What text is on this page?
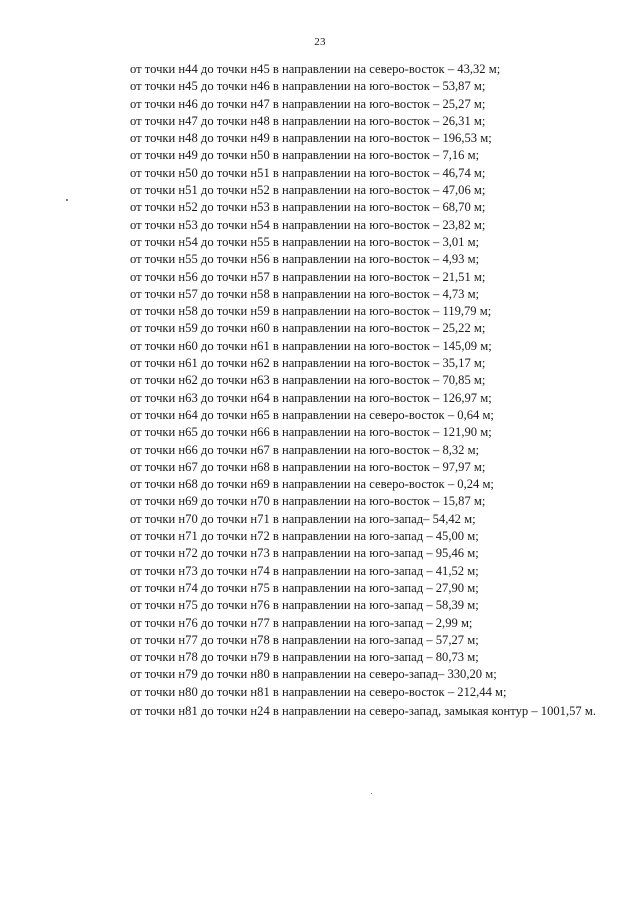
23
от точки н44 до точки н45 в направлении на северо-восток – 43,32 м;
от точки н45 до точки н46 в направлении на юго-восток – 53,87 м;
от точки н46 до точки н47 в направлении на юго-восток – 25,27 м;
от точки н47 до точки н48 в направлении на юго-восток – 26,31 м;
от точки н48 до точки н49 в направлении на юго-восток – 196,53 м;
от точки н49 до точки н50 в направлении на юго-восток – 7,16 м;
от точки н50 до точки н51 в направлении на юго-восток – 46,74 м;
от точки н51 до точки н52 в направлении на юго-восток – 47,06 м;
от точки н52 до точки н53 в направлении на юго-восток – 68,70 м;
от точки н53 до точки н54 в направлении на юго-восток – 23,82 м;
от точки н54 до точки н55 в направлении на юго-восток – 3,01 м;
от точки н55 до точки н56 в направлении на юго-восток – 4,93 м;
от точки н56 до точки н57 в направлении на юго-восток – 21,51 м;
от точки н57 до точки н58 в направлении на юго-восток – 4,73 м;
от точки н58 до точки н59 в направлении на юго-восток – 119,79 м;
от точки н59 до точки н60 в направлении на юго-восток – 25,22 м;
от точки н60 до точки н61 в направлении на юго-восток – 145,09 м;
от точки н61 до точки н62 в направлении на юго-восток – 35,17 м;
от точки н62 до точки н63 в направлении на юго-восток – 70,85 м;
от точки н63 до точки н64 в направлении на юго-восток – 126,97 м;
от точки н64 до точки н65 в направлении на северо-восток – 0,64 м;
от точки н65 до точки н66 в направлении на юго-восток – 121,90 м;
от точки н66 до точки н67 в направлении на юго-восток – 8,32 м;
от точки н67 до точки н68 в направлении на юго-восток – 97,97 м;
от точки н68 до точки н69 в направлении на северо-восток – 0,24 м;
от точки н69 до точки н70 в направлении на юго-восток – 15,87 м;
от точки н70 до точки н71 в направлении на юго-запад– 54,42 м;
от точки н71 до точки н72 в направлении на юго-запад – 45,00 м;
от точки н72 до точки н73 в направлении на юго-запад – 95,46 м;
от точки н73 до точки н74 в направлении на юго-запад – 41,52 м;
от точки н74 до точки н75 в направлении на юго-запад – 27,90 м;
от точки н75 до точки н76 в направлении на юго-запад – 58,39 м;
от точки н76 до точки н77 в направлении на юго-запад – 2,99 м;
от точки н77 до точки н78 в направлении на юго-запад – 57,27 м;
от точки н78 до точки н79 в направлении на юго-запад – 80,73 м;
от точки н79 до точки н80 в направлении на северо-запад– 330,20 м;
от точки н80 до точки н81 в направлении на северо-восток – 212,44 м;

от точки н81 до точки н24 в направлении на северо-запад, замыкая контур – 1001,57 м.
